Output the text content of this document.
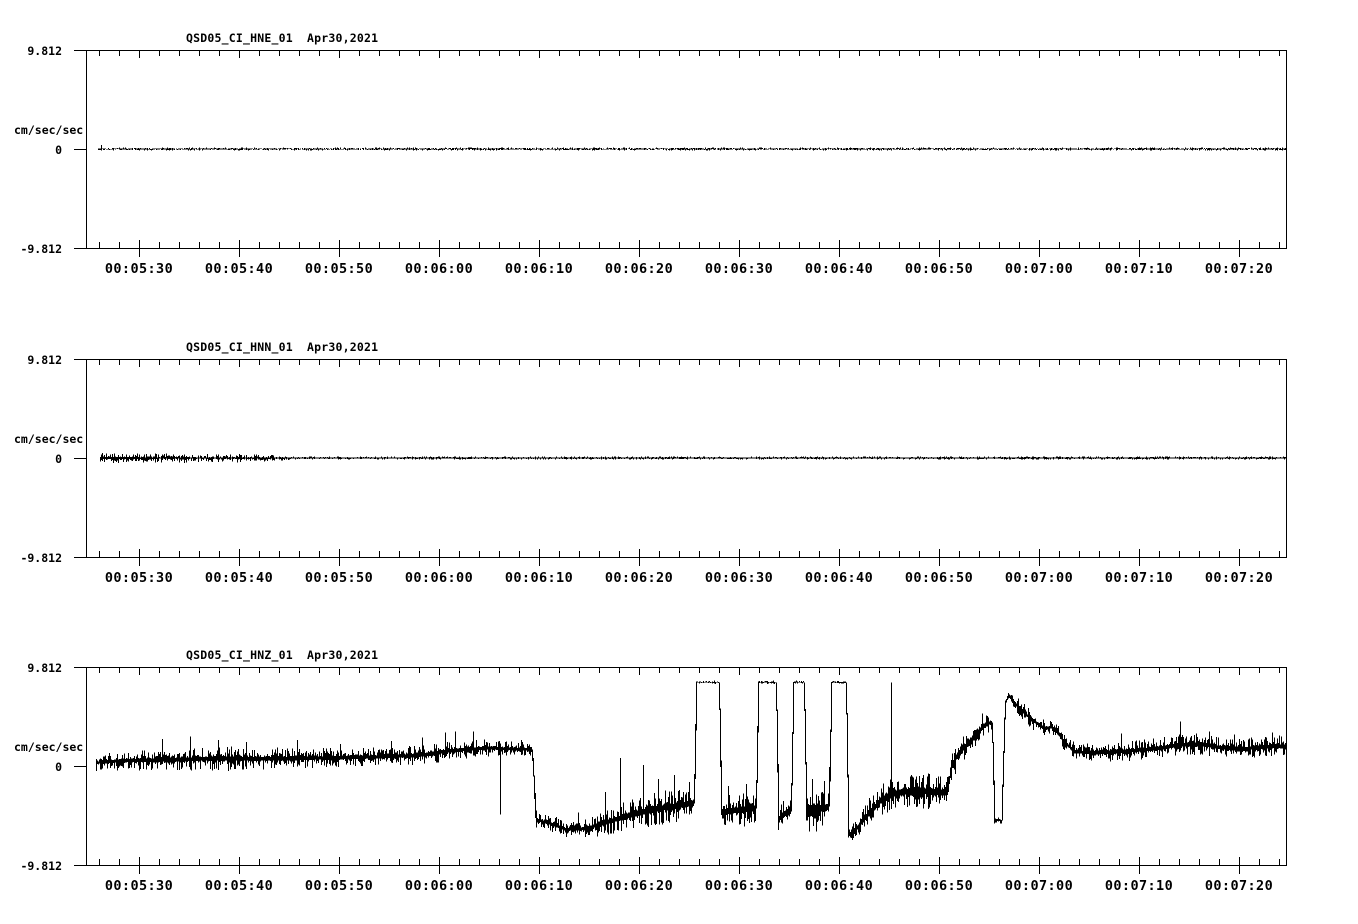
QSD05_CI_HNE_01 Apr30,2021
cm/sec/sec
9.812
0
-9.812
00:05:30 00:05:40 00:05:50 00:06:00 00:06:10 00:06:20 00:06:30 00:06:40 00:06:50 00:07:00 00:07:10 00:07:20
QSD05_CI_HNN_01 Apr30,2021
cm/sec/sec
9.812
0
-9.812
00:05:30 00:05:40 00:05:50 00:06:00 00:06:10 00:06:20 00:06:30 00:06:40 00:06:50 00:07:00 00:07:10 00:07:20
QSD05_CI_HNZ_01 Apr30,2021
cm/sec/sec
9.812
0
-9.812
00:05:30 00:05:40 00:05:50 00:06:00 00:06:10 00:06:20 00:06:30 00:06:40 00:06:50 00:07:00 00:07:10 00:07:20
